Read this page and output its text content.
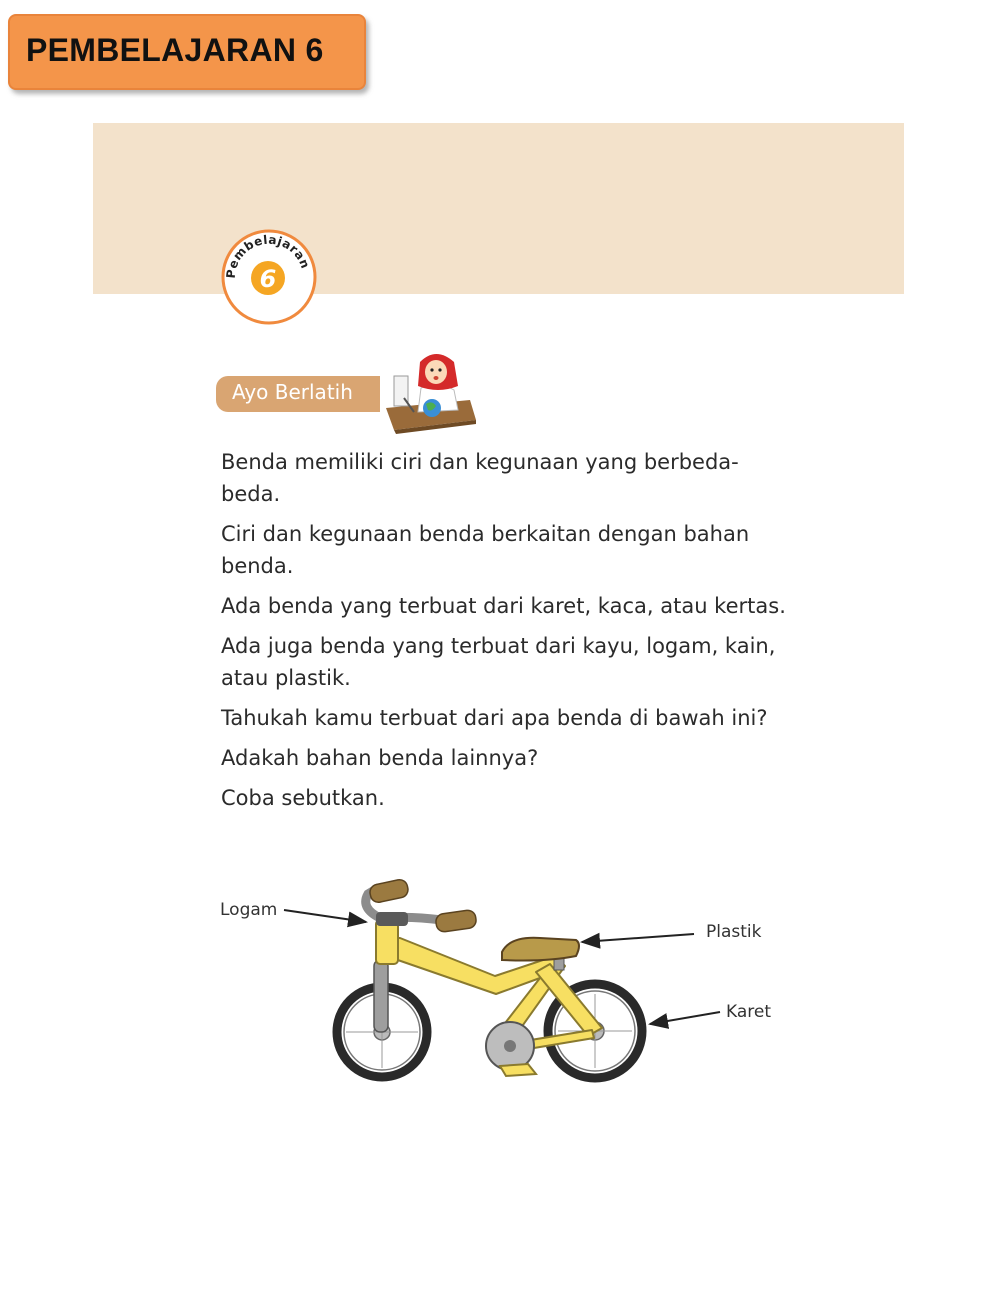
PEMBELAJARAN 6
Pembelajaran
6
Ayo Berlatih

Benda memiliki ciri dan kegunaan yang berbeda-
beda.

Ciri dan kegunaan benda berkaitan dengan bahan
benda.

Ada benda yang terbuat dari karet, kaca, atau kertas.

Ada juga benda yang terbuat dari kayu, logam, kain,
atau plastik.

Tahukah kamu terbuat dari apa benda di bawah ini?

Adakah bahan benda lainnya?

Coba sebutkan.

Logam
Plastik
Karet
